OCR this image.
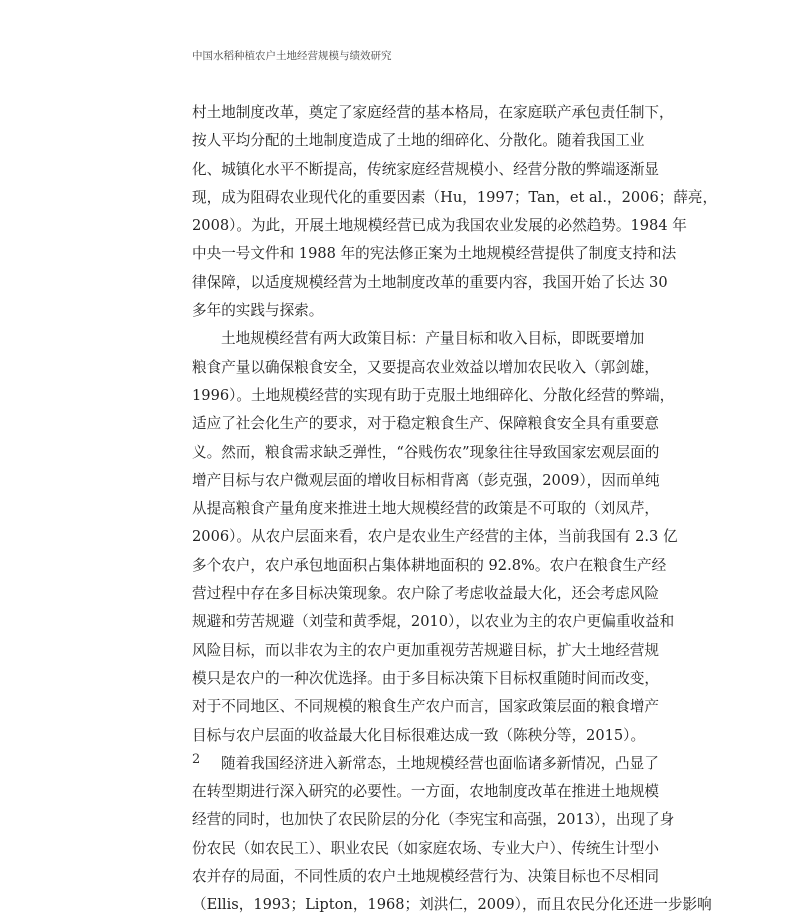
中国水稻种植农户土地经营规模与绩效研究
村土地制度改革，奠定了家庭经营的基本格局，在家庭联产承包责任制下，
按人平均分配的土地制度造成了土地的细碎化、分散化。随着我国工业
化、城镇化水平不断提高，传统家庭经营规模小、经营分散的弊端逐渐显
现，成为阻碍农业现代化的重要因素（Hu，1997；Tan，et al.，2006；薛亮，
2008）。为此，开展土地规模经营已成为我国农业发展的必然趋势。1984 年
中央一号文件和 1988 年的宪法修正案为土地规模经营提供了制度支持和法
律保障，以适度规模经营为土地制度改革的重要内容，我国开始了长达 30
多年的实践与探索。
土地规模经营有两大政策目标：产量目标和收入目标，即既要增加
粮食产量以确保粮食安全，又要提高农业效益以增加农民收入（郭剑雄，
1996）。土地规模经营的实现有助于克服土地细碎化、分散化经营的弊端，
适应了社会化生产的要求，对于稳定粮食生产、保障粮食安全具有重要意
义。然而，粮食需求缺乏弹性，“谷贱伤农”现象往往导致国家宏观层面的
增产目标与农户微观层面的增收目标相背离（彭克强，2009），因而单纯
从提高粮食产量角度来推进土地大规模经营的政策是不可取的（刘凤芹，
2006）。从农户层面来看，农户是农业生产经营的主体，当前我国有 2.3 亿
多个农户，农户承包地面积占集体耕地面积的 92.8%。农户在粮食生产经
营过程中存在多目标决策现象。农户除了考虑收益最大化，还会考虑风险
规避和劳苦规避（刘莹和黄季焜，2010），以农业为主的农户更偏重收益和
风险目标，而以非农为主的农户更加重视劳苦规避目标，扩大土地经营规
模只是农户的一种次优选择。由于多目标决策下目标权重随时间而改变，
对于不同地区、不同规模的粮食生产农户而言，国家政策层面的粮食增产
目标与农户层面的收益最大化目标很难达成一致（陈秧分等，2015）。
随着我国经济进入新常态，土地规模经营也面临诸多新情况，凸显了
在转型期进行深入研究的必要性。一方面，农地制度改革在推进土地规模
经营的同时，也加快了农民阶层的分化（李宪宝和高强，2013），出现了身
份农民（如农民工）、职业农民（如家庭农场、专业大户）、传统生计型小
农并存的局面，不同性质的农户土地规模经营行为、决策目标也不尽相同
（Ellis，1993；Lipton，1968；刘洪仁，2009），而且农民分化还进一步影响
2
